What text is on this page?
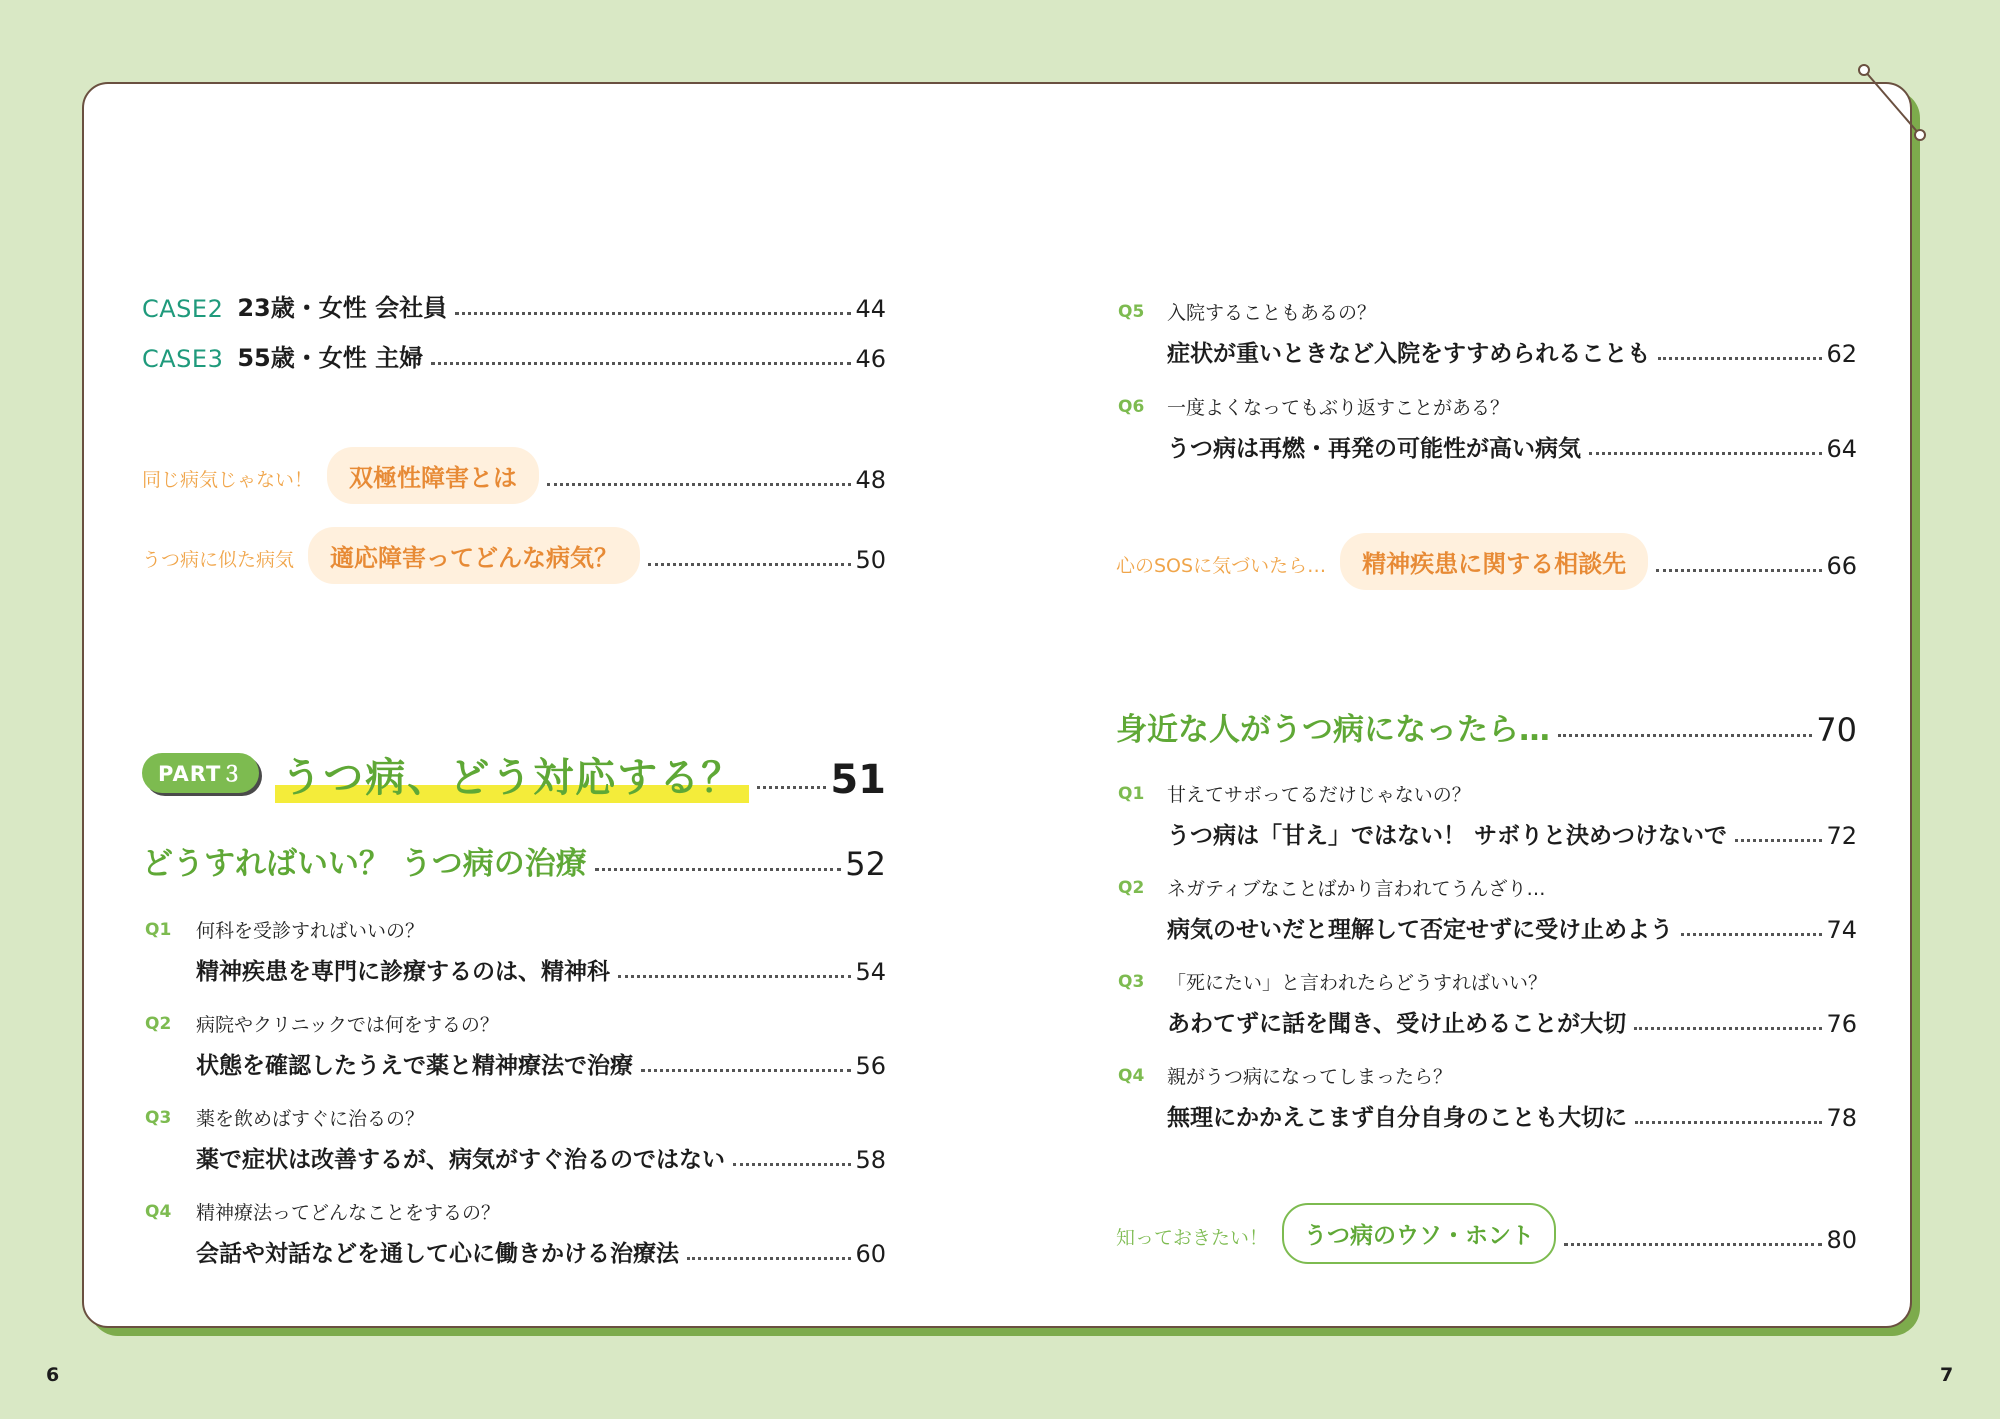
CASE2 23歳・女性 会社員	44
CASE3 55歳・女性 主婦	46
同じ病気じゃない！	双極性障害とは	48
うつ病に似た病気	適応障害ってどんな病気？	50
PART３ うつ病、どう対応する？ 51
どうすればいい？ うつ病の治療	52
Q1 何科を受診すればいいの？
精神疾患を専門に診療するのは、精神科	54
Q2 病院やクリニックでは何をするの？
状態を確認したうえで薬と精神療法で治療	56
Q3 薬を飲めばすぐに治るの？
薬で症状は改善するが、病気がすぐ治るのではない	58
Q4 精神療法ってどんなことをするの？
会話や対話などを通して心に働きかける治療法	60
Q5 入院することもあるの？
症状が重いときなど入院をすすめられることも	62
Q6 一度よくなってもぶり返すことがある？
うつ病は再燃・再発の可能性が高い病気	64
心のSOSに気づいたら…	精神疾患に関する相談先	66
身近な人がうつ病になったら…	70
Q1 甘えてサボってるだけじゃないの？
うつ病は「甘え」ではない！ サボりと決めつけないで	72
Q2 ネガティブなことばかり言われてうんざり…
病気のせいだと理解して否定せずに受け止めよう	74
Q3 「死にたい」と言われたらどうすればいい？
あわてずに話を聞き、受け止めることが大切	76
Q4 親がうつ病になってしまったら？
無理にかかえこまず自分自身のことも大切に	78
知っておきたい！	うつ病のウソ・ホント	80
6	7
